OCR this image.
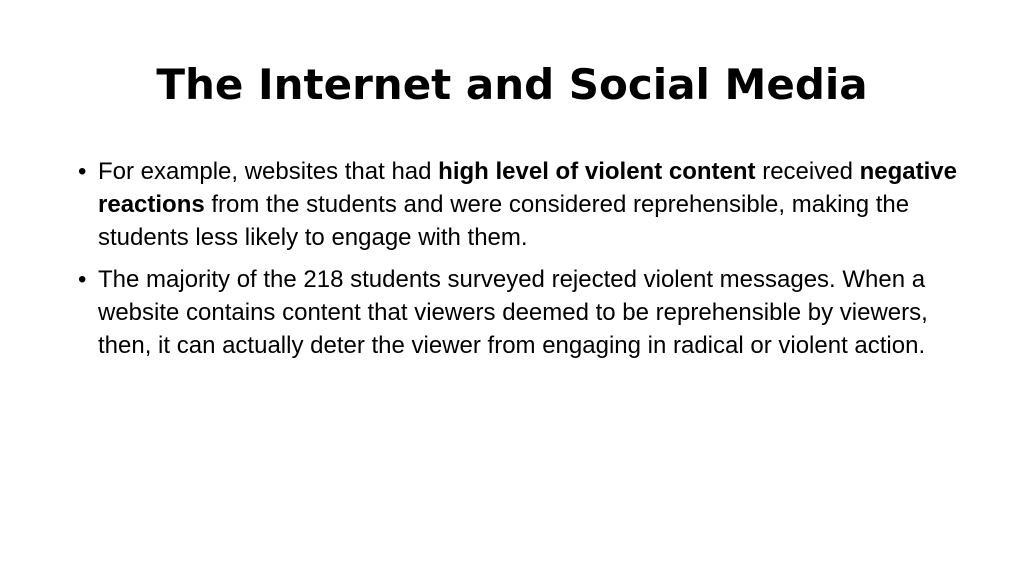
The Internet and Social Media
• For example, websites that had high level of violent content received negative reactions from the students and were considered reprehensible, making the students less likely to engage with them.
• The majority of the 218 students surveyed rejected violent messages. When a website contains content that viewers deemed to be reprehensible by viewers, then, it can actually deter the viewer from engaging in radical or violent action.
